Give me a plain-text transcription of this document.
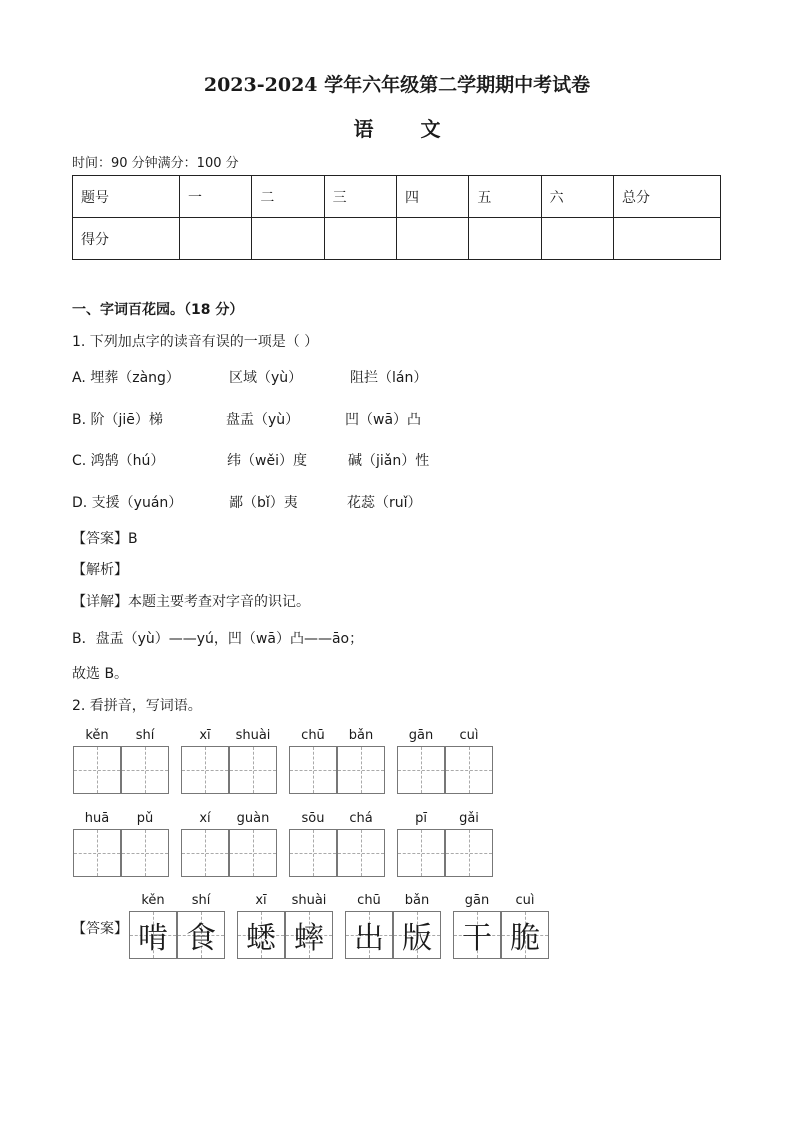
2023-2024 学年六年级第二学期期中考试卷
语 文
时间：90 分钟满分：100 分
题号	一	二	三	四	五	六	总分
得分							
一、字词百花园。（18 分）
1. 下列加点字的读音有误的一项是（ ）
A. 埋葬（zàng）	区域（yù）	阻拦（lán）
B. 阶（jiē）梯	盘盂（yù）	凹（wā）凸
C. 鸿鹄（hú）	纬（wěi）度	碱（jiǎn）性
D. 支援（yuán）	鄙（bǐ）夷	花蕊（ruǐ）
【答案】B
【解析】
【详解】本题主要考查对字音的识记。
B．盘盂（yù）——yú，凹（wā）凸——āo；
故选 B。
2. 看拼音，写词语。
kěn	shí	xī	shuài	chū	bǎn	gān	cuì
huā	pǔ	xí	guàn	sōu	chá	pī	gǎi
【答案】
kěn	shí	xī	shuài	chū	bǎn	gān	cuì
啃 食 蟋 蟀 出 版 干 脆
